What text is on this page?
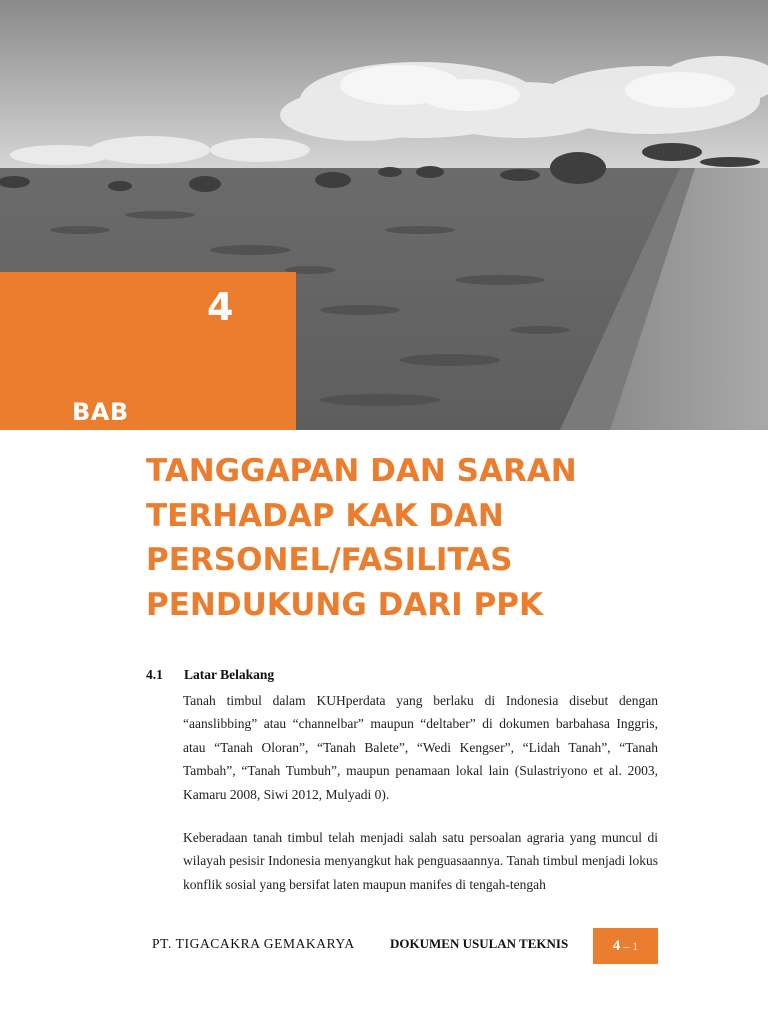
4
BAB
TANGGAPAN DAN SARAN
TERHADAP KAK DAN
PERSONEL/FASILITAS
PENDUKUNG DARI PPK
4.1 Latar Belakang

Tanah timbul dalam KUHperdata yang berlaku di Indonesia disebut dengan “aanslibbing” atau “channelbar” maupun “deltaber” di dokumen barbahasa Inggris, atau “Tanah Oloran”, “Tanah Balete”, “Wedi Kengser”, “Lidah Tanah”, “Tanah Tambah”, “Tanah Tumbuh”, maupun penamaan lokal lain (Sulastriyono et al. 2003, Kamaru 2008, Siwi 2012, Mulyadi 0).

Keberadaan tanah timbul telah menjadi salah satu persoalan agraria yang muncul di wilayah pesisir Indonesia menyangkut hak penguasaannya. Tanah timbul menjadi lokus konflik sosial yang bersifat laten maupun manifes di tengah-tengah

PT. TIGACAKRA GEMAKARYA	DOKUMEN USULAN TEKNIS	4 – 1
